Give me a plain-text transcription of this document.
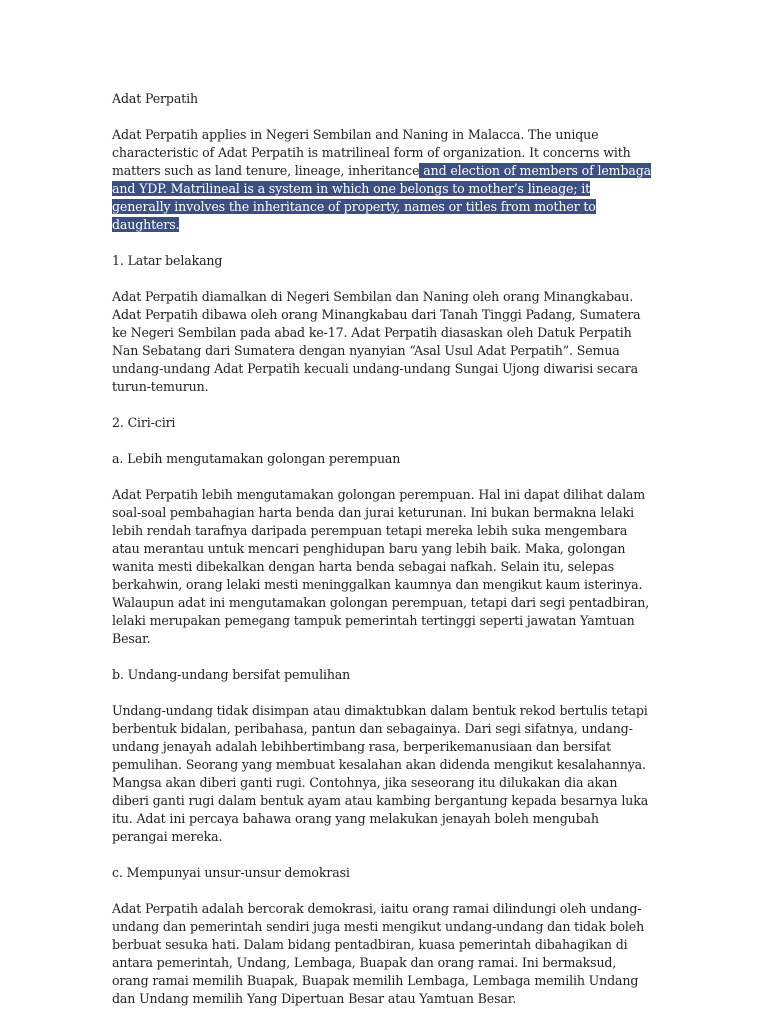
Adat Perpatih

Adat Perpatih applies in Negeri Sembilan and Naning in Malacca. The unique characteristic of Adat Perpatih is matrilineal form of organization. It concerns with matters such as land tenure, lineage, inheritance and election of members of lembaga and YDP. Matrilineal is a system in which one belongs to mother’s lineage; it generally involves the inheritance of property, names or titles from mother to daughters.

1. Latar belakang

Adat Perpatih diamalkan di Negeri Sembilan dan Naning oleh orang Minangkabau. Adat Perpatih dibawa oleh orang Minangkabau dari Tanah Tinggi Padang, Sumatera ke Negeri Sembilan pada abad ke-17. Adat Perpatih diasaskan oleh Datuk Perpatih Nan Sebatang dari Sumatera dengan nyanyian “Asal Usul Adat Perpatih”. Semua undang-undang Adat Perpatih kecuali undang-undang Sungai Ujong diwarisi secara turun-temurun.

2. Ciri-ciri

a. Lebih mengutamakan golongan perempuan

Adat Perpatih lebih mengutamakan golongan perempuan. Hal ini dapat dilihat dalam soal-soal pembahagian harta benda dan jurai keturunan. Ini bukan bermakna lelaki lebih rendah tarafnya daripada perempuan tetapi mereka lebih suka mengembara atau merantau untuk mencari penghidupan baru yang lebih baik. Maka, golongan wanita mesti dibekalkan dengan harta benda sebagai nafkah. Selain itu, selepas berkahwin, orang lelaki mesti meninggalkan kaumnya dan mengikut kaum isterinya. Walaupun adat ini mengutamakan golongan perempuan, tetapi dari segi pentadbiran, lelaki merupakan pemegang tampuk pemerintah tertinggi seperti jawatan Yamtuan Besar.

b. Undang-undang bersifat pemulihan

Undang-undang tidak disimpan atau dimaktubkan dalam bentuk rekod bertulis tetapi berbentuk bidalan, peribahasa, pantun dan sebagainya. Dari segi sifatnya, undang-undang jenayah adalah lebihbertimbang rasa, berperikemanusiaan dan bersifat pemulihan. Seorang yang membuat kesalahan akan didenda mengikut kesalahannya. Mangsa akan diberi ganti rugi. Contohnya, jika seseorang itu dilukakan dia akan diberi ganti rugi dalam bentuk ayam atau kambing bergantung kepada besarnya luka itu. Adat ini percaya bahawa orang yang melakukan jenayah boleh mengubah perangai mereka.

c. Mempunyai unsur-unsur demokrasi

Adat Perpatih adalah bercorak demokrasi, iaitu orang ramai dilindungi oleh undang-undang dan pemerintah sendiri juga mesti mengikut undang-undang dan tidak boleh berbuat sesuka hati. Dalam bidang pentadbiran, kuasa pemerintah dibahagikan di antara pemerintah, Undang, Lembaga, Buapak dan orang ramai. Ini bermaksud, orang ramai memilih Buapak, Buapak memilih Lembaga, Lembaga memilih Undang dan Undang memilih Yang Dipertuan Besar atau Yamtuan Besar.
